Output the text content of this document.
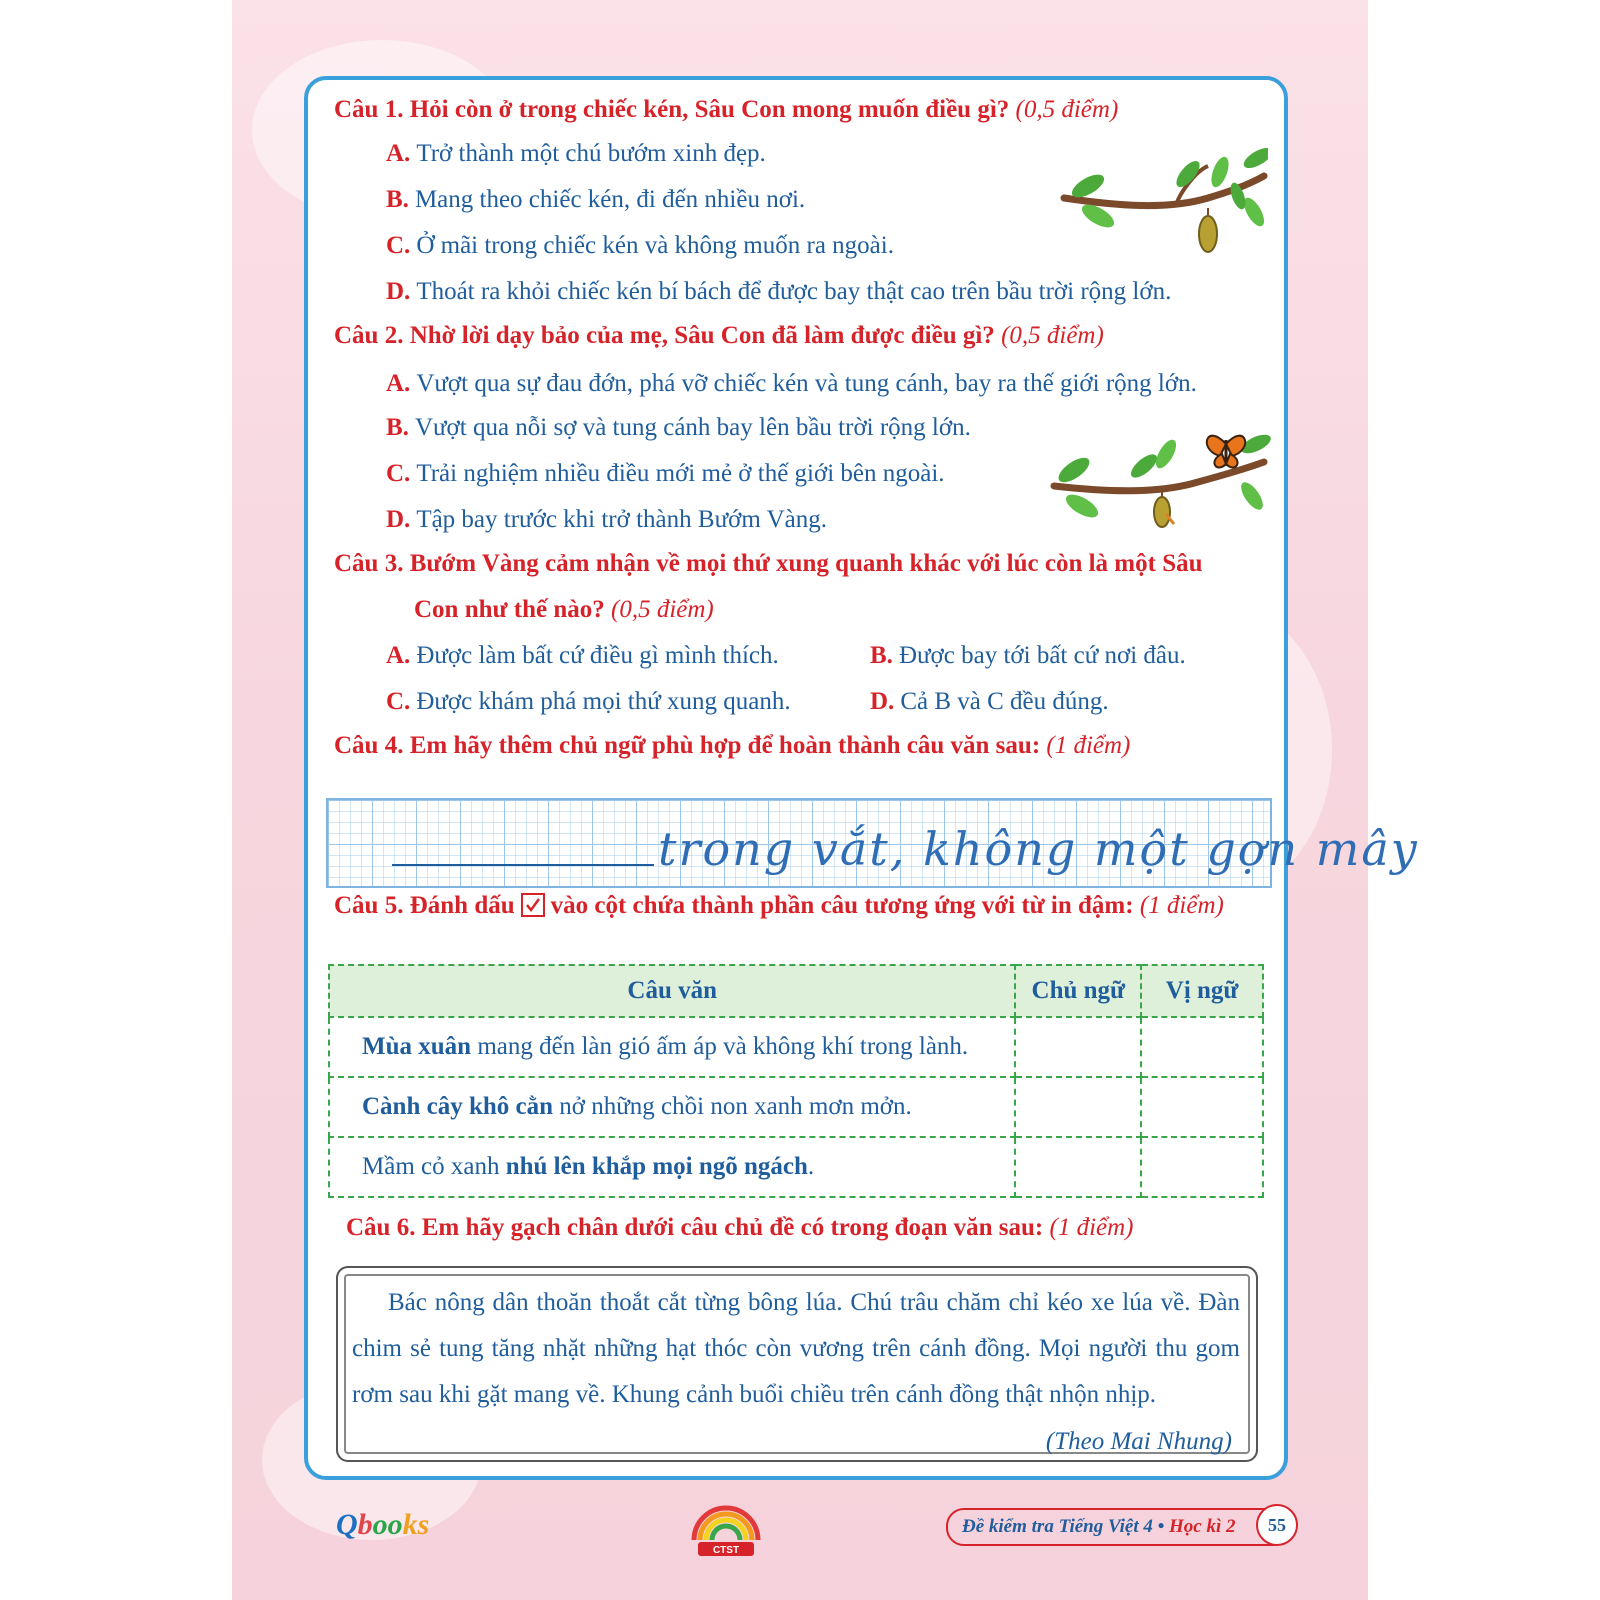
Câu 1. Hỏi còn ở trong chiếc kén, Sâu Con mong muốn điều gì? (0,5 điểm)
A. Trở thành một chú bướm xinh đẹp.
B. Mang theo chiếc kén, đi đến nhiều nơi.
C. Ở mãi trong chiếc kén và không muốn ra ngoài.
D. Thoát ra khỏi chiếc kén bí bách để được bay thật cao trên bầu trời rộng lớn.
Câu 2. Nhờ lời dạy bảo của mẹ, Sâu Con đã làm được điều gì? (0,5 điểm)
A. Vượt qua sự đau đớn, phá vỡ chiếc kén và tung cánh, bay ra thế giới rộng lớn.
B. Vượt qua nỗi sợ và tung cánh bay lên bầu trời rộng lớn.
C. Trải nghiệm nhiều điều mới mẻ ở thế giới bên ngoài.
D. Tập bay trước khi trở thành Bướm Vàng.
Câu 3. Bướm Vàng cảm nhận về mọi thứ xung quanh khác với lúc còn là một Sâu
Con như thế nào? (0,5 điểm)
A. Được làm bất cứ điều gì mình thích.	B. Được bay tới bất cứ nơi đâu.
C. Được khám phá mọi thứ xung quanh.	D. Cả B và C đều đúng.
Câu 4. Em hãy thêm chủ ngữ phù hợp để hoàn thành câu văn sau: (1 điểm)
trong vắt, không một gợn mây
Câu 5. Đánh dấu vào cột chứa thành phần câu tương ứng với từ in đậm: (1 điểm)
Câu văn	Chủ ngữ	Vị ngữ
Mùa xuân mang đến làn gió ấm áp và không khí trong lành.		
Cành cây khô cằn nở những chồi non xanh mơn mởn.		
Mầm cỏ xanh nhú lên khắp mọi ngõ ngách.		
Câu 6. Em hãy gạch chân dưới câu chủ đề có trong đoạn văn sau: (1 điểm)

Bác nông dân thoăn thoắt cắt từng bông lúa. Chú trâu chăm chỉ kéo xe lúa về. Đàn chim sẻ tung tăng nhặt những hạt thóc còn vương trên cánh đồng. Mọi người thu gom rơm sau khi gặt mang về. Khung cảnh buổi chiều trên cánh đồng thật nhộn nhịp.

(Theo Mai Nhung)
Qbooks
CTST
Đề kiểm tra Tiếng Việt 4 • Học kì 2	55
